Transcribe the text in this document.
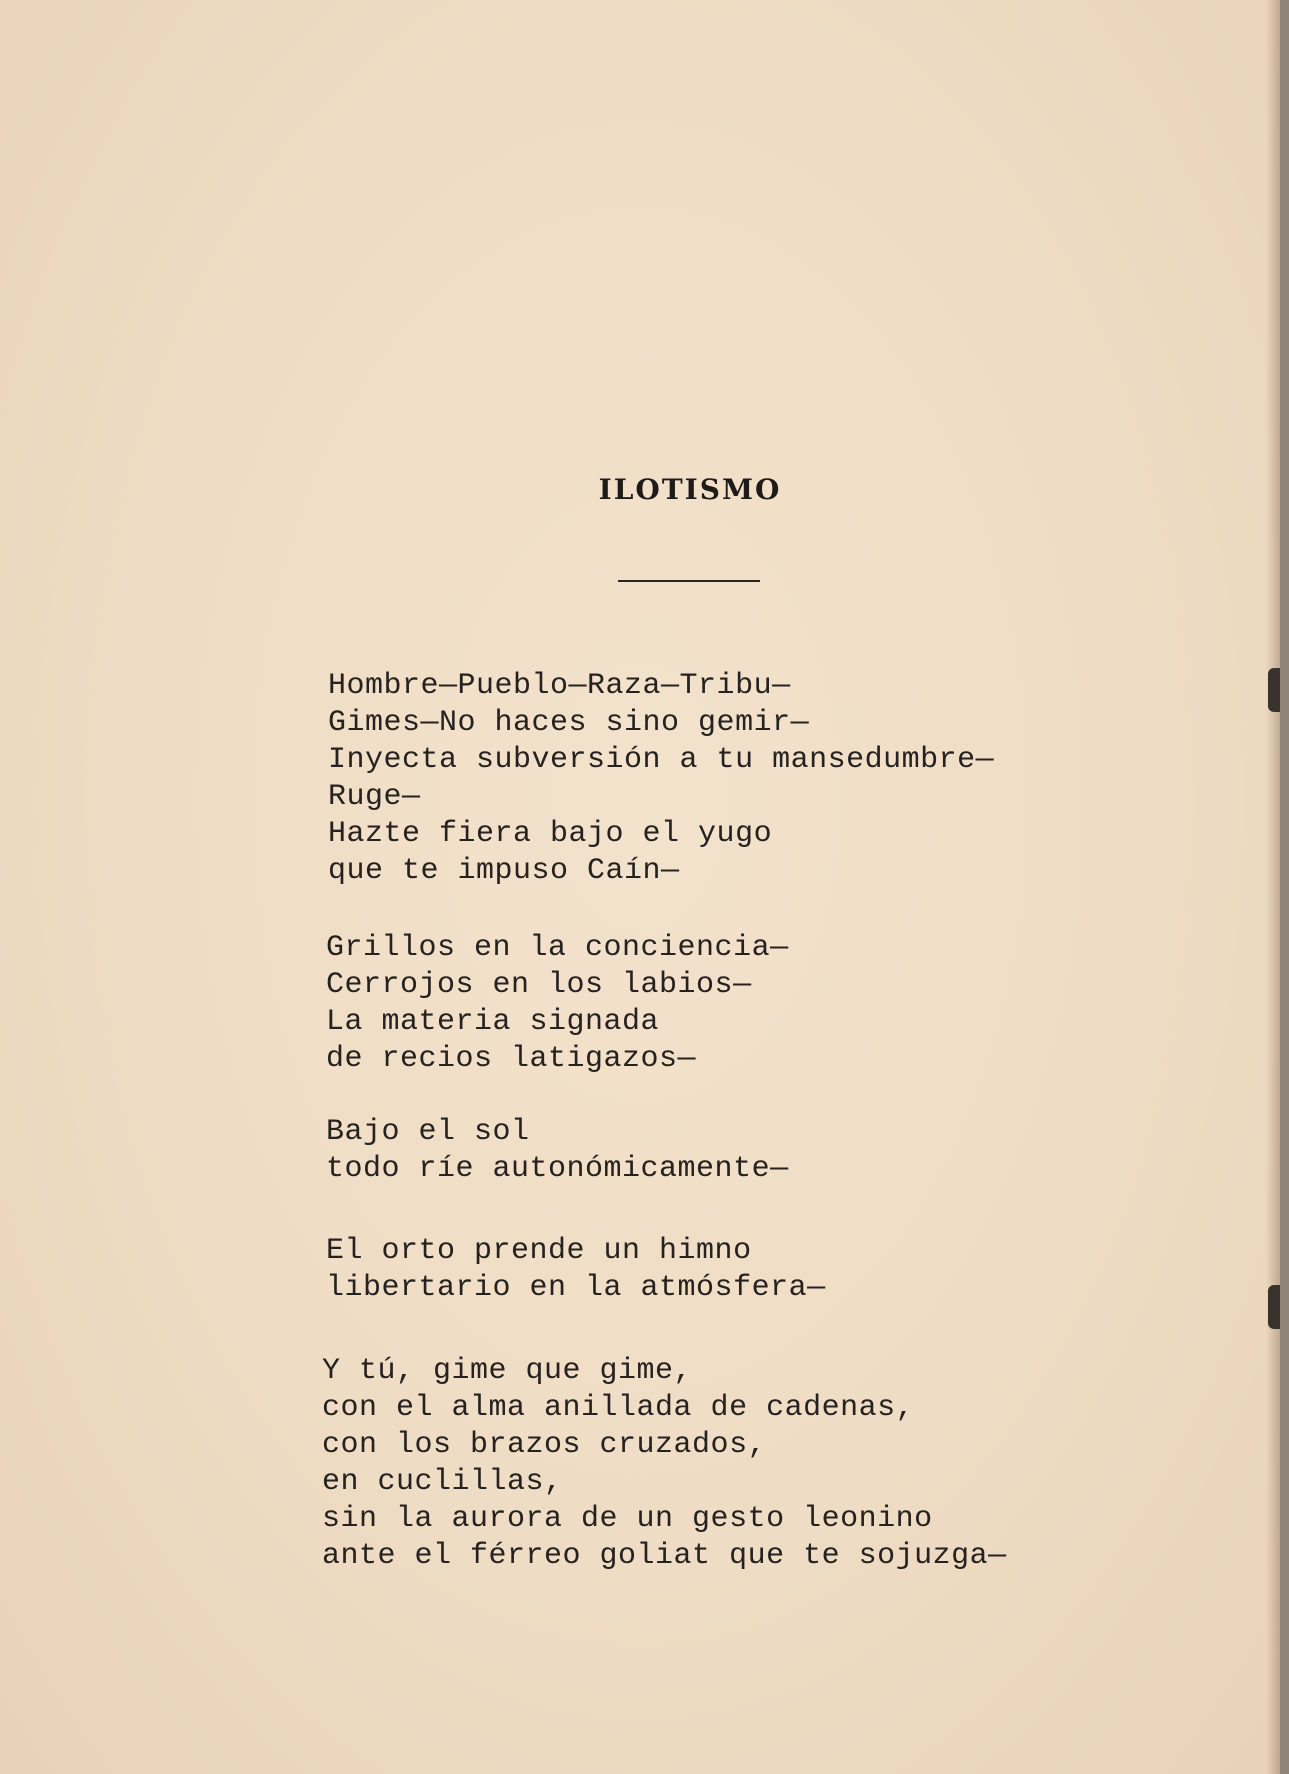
ILOTISMO
Hombre—Pueblo—Raza—Tribu—
Gimes—No haces sino gemir—
Inyecta subversión a tu mansedumbre—
Ruge—
Hazte fiera bajo el yugo
que te impuso Caín—
Grillos en la conciencia—
Cerrojos en los labios—
La materia signada
de recios latigazos—
Bajo el sol
todo ríe autonómicamente—
El orto prende un himno
libertario en la atmósfera—
Y tú, gime que gime,
con el alma anillada de cadenas,
con los brazos cruzados,
en cuclillas,
sin la aurora de un gesto leonino
ante el férreo goliat que te sojuzga—
